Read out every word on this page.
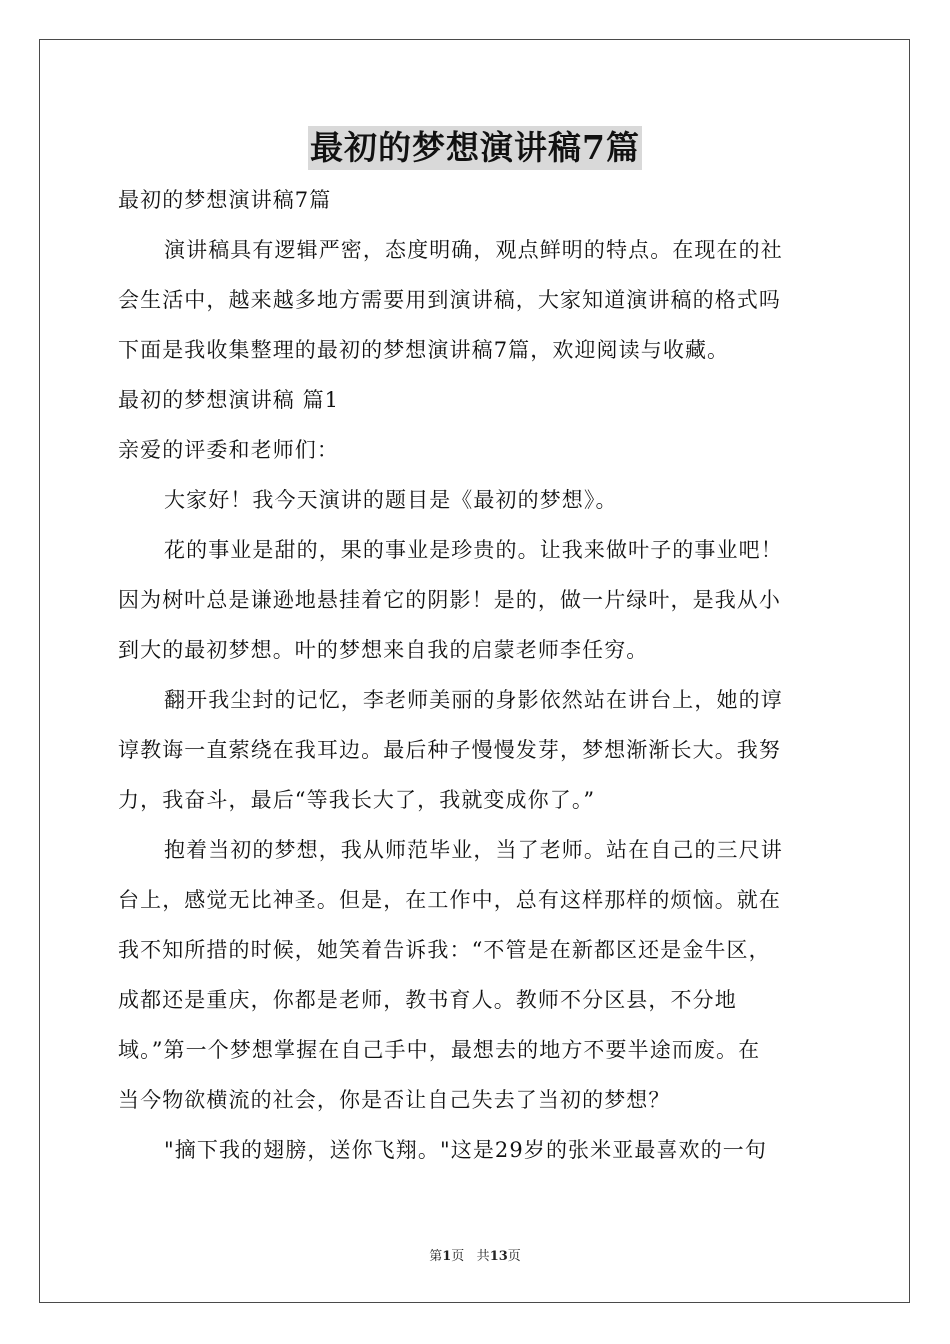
最初的梦想演讲稿7篇
最初的梦想演讲稿7篇
演讲稿具有逻辑严密，态度明确，观点鲜明的特点。在现在的社
会生活中，越来越多地方需要用到演讲稿，大家知道演讲稿的格式吗
下面是我收集整理的最初的梦想演讲稿7篇，欢迎阅读与收藏。
最初的梦想演讲稿 篇1
亲爱的评委和老师们：
大家好！我今天演讲的题目是《最初的梦想》。
花的事业是甜的，果的事业是珍贵的。让我来做叶子的事业吧！
因为树叶总是谦逊地悬挂着它的阴影！是的，做一片绿叶，是我从小
到大的最初梦想。叶的梦想来自我的启蒙老师李任穷。
翻开我尘封的记忆，李老师美丽的身影依然站在讲台上，她的谆
谆教诲一直萦绕在我耳边。最后种子慢慢发芽，梦想渐渐长大。我努
力，我奋斗，最后“等我长大了，我就变成你了。”
抱着当初的梦想，我从师范毕业，当了老师。站在自己的三尺讲
台上，感觉无比神圣。但是，在工作中，总有这样那样的烦恼。就在
我不知所措的时候，她笑着告诉我：“不管是在新都区还是金牛区，
成都还是重庆，你都是老师，教书育人。教师不分区县，不分地
域。”第一个梦想掌握在自己手中，最想去的地方不要半途而废。在
当今物欲横流的社会，你是否让自己失去了当初的梦想？
"摘下我的翅膀，送你飞翔。"这是29岁的张米亚最喜欢的一句
第1页 共13页
